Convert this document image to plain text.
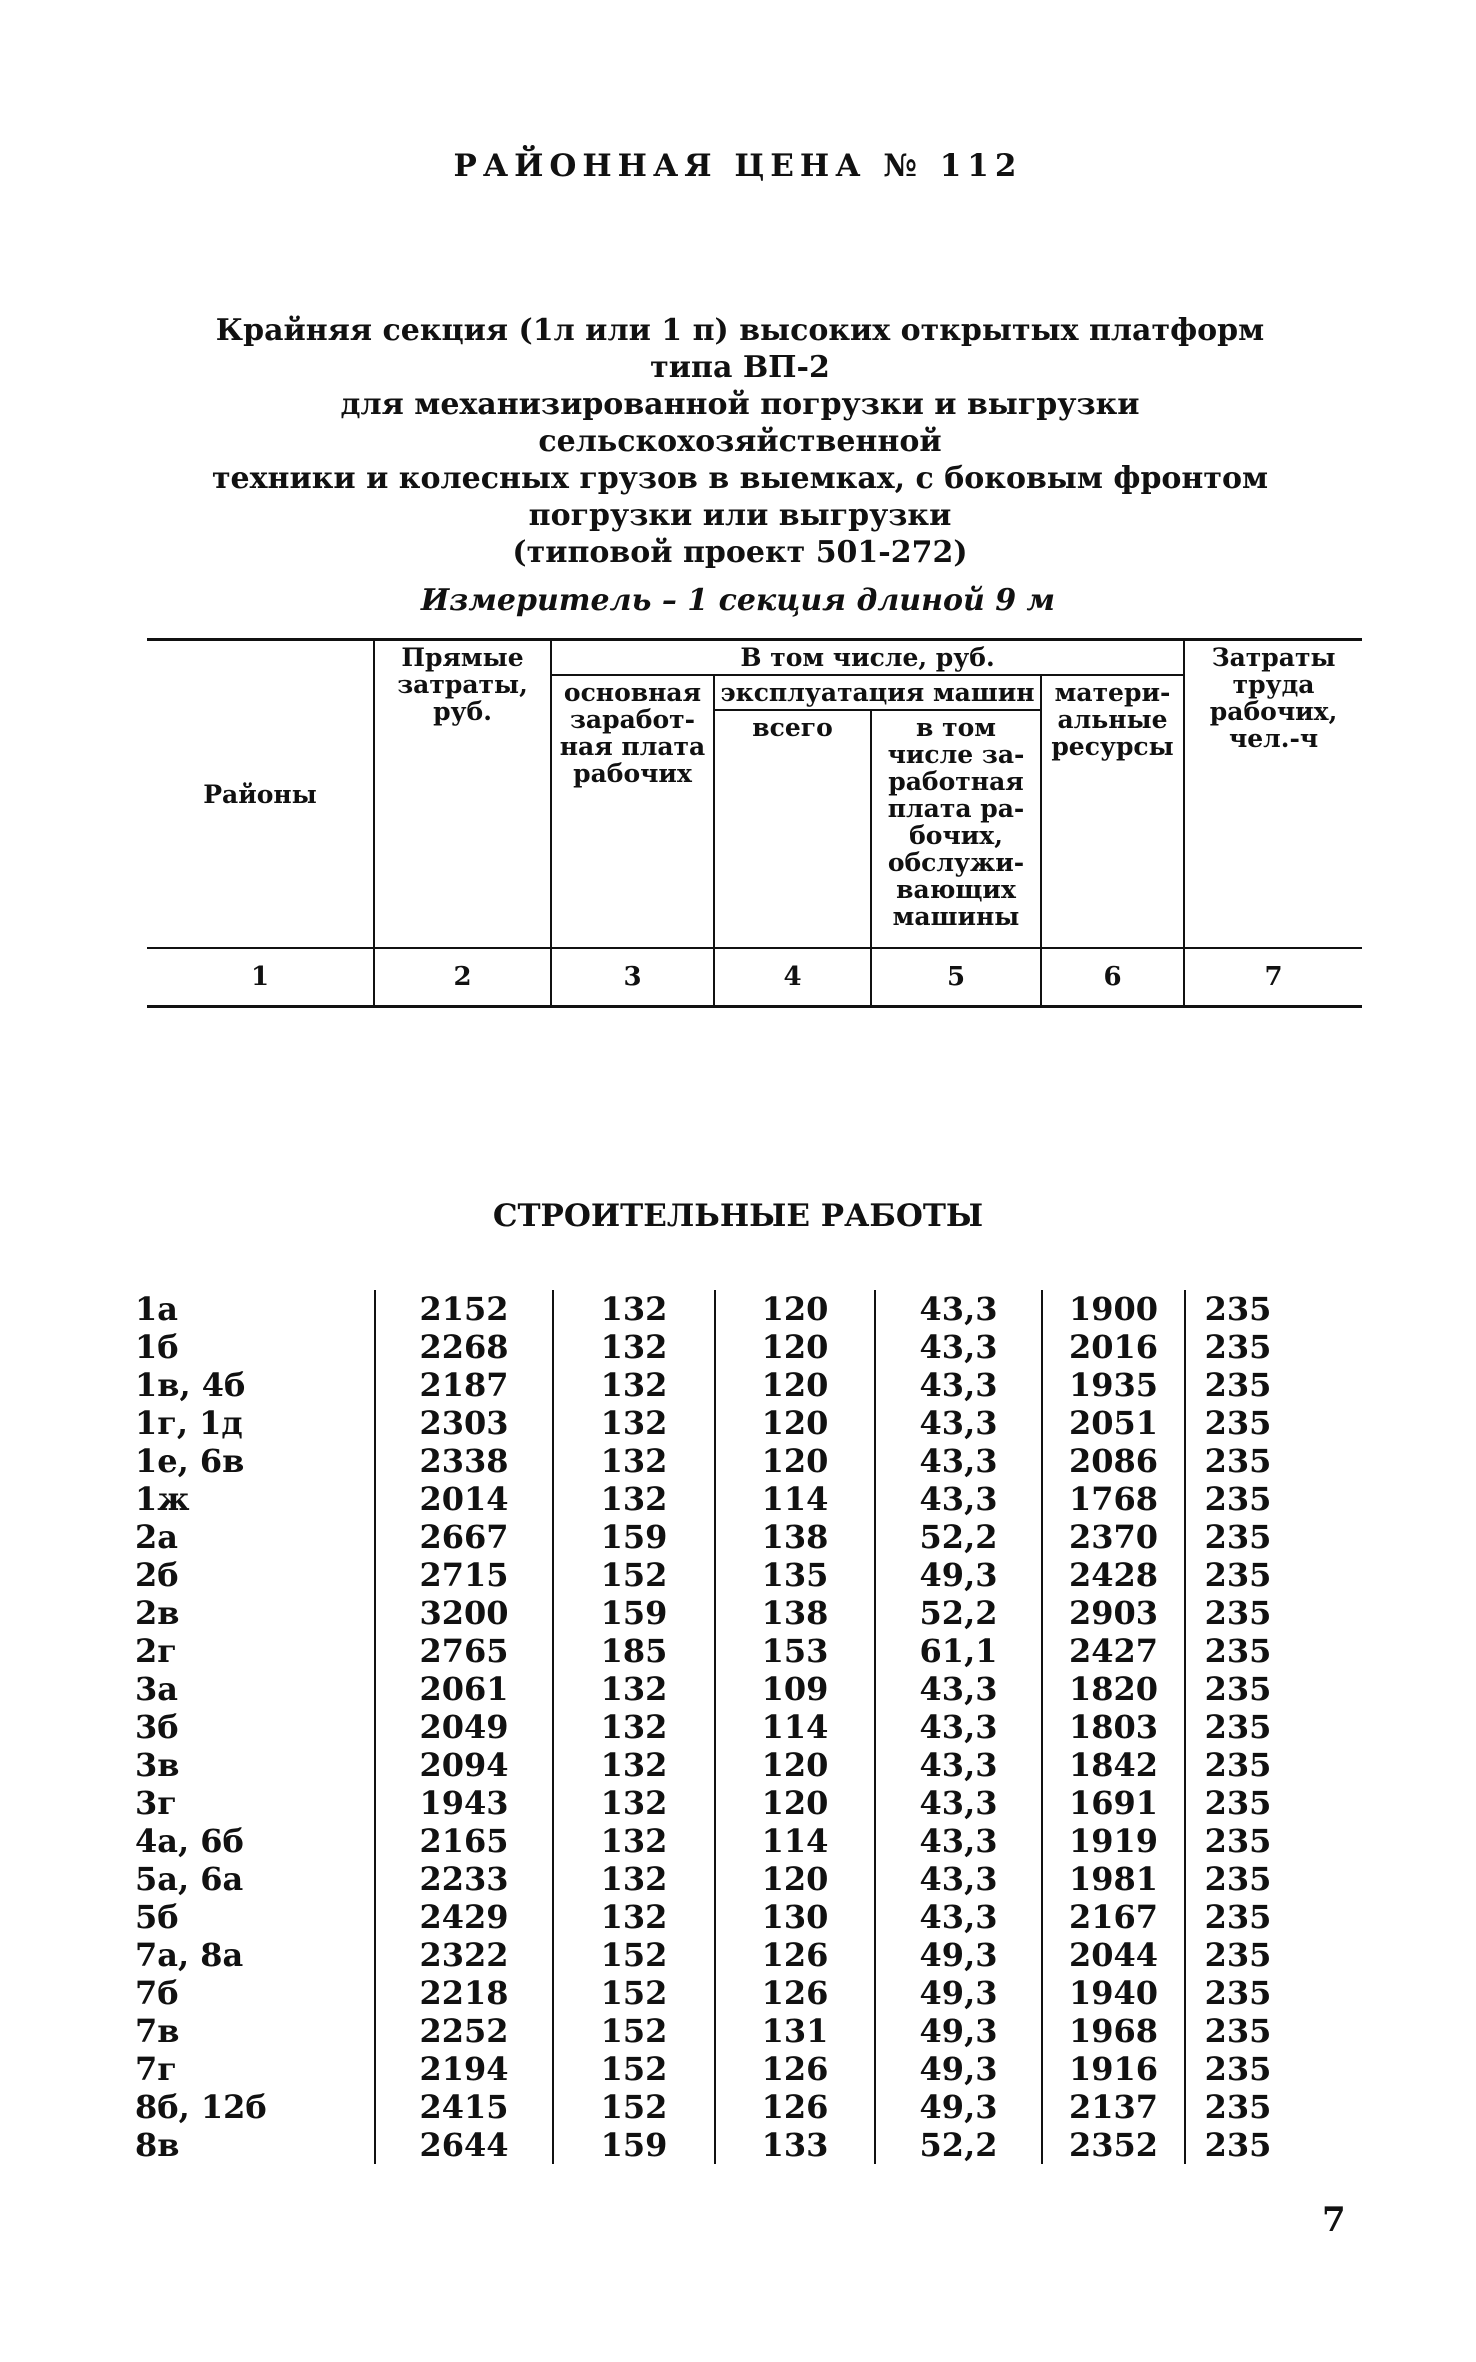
РАЙОННАЯ ЦЕНА № 112
Крайняя секция (1л или 1 п) высоких открытых платформ типа ВП-2
для механизированной погрузки и выгрузки сельскохозяйственной
техники и колесных грузов в выемках, с боковым фронтом
погрузки или выгрузки
(типовой проект 501-272)
Измеритель – 1 секция длиной 9 м
Районы	Прямые затраты, руб.	В том числе, руб.				Затраты труда рабочих, чел.-ч
		основная заработ-ная плата рабочих	эксплуатация машин		матери-альные ресурсы	
			всего	в том числе за-работная плата ра-бочих, обслужи-вающих машины		
1	2	3	4	5	6	7
СТРОИТЕЛЬНЫЕ РАБОТЫ
1а	2152	132	120	43,3	1900	235
1б	2268	132	120	43,3	2016	235
1в, 4б	2187	132	120	43,3	1935	235
1г, 1д	2303	132	120	43,3	2051	235
1е, 6в	2338	132	120	43,3	2086	235
1ж	2014	132	114	43,3	1768	235
2а	2667	159	138	52,2	2370	235
2б	2715	152	135	49,3	2428	235
2в	3200	159	138	52,2	2903	235
2г	2765	185	153	61,1	2427	235
3а	2061	132	109	43,3	1820	235
3б	2049	132	114	43,3	1803	235
3в	2094	132	120	43,3	1842	235
3г	1943	132	120	43,3	1691	235
4а, 6б	2165	132	114	43,3	1919	235
5а, 6а	2233	132	120	43,3	1981	235
5б	2429	132	130	43,3	2167	235
7а, 8а	2322	152	126	49,3	2044	235
7б	2218	152	126	49,3	1940	235
7в	2252	152	131	49,3	1968	235
7г	2194	152	126	49,3	1916	235
8б, 12б	2415	152	126	49,3	2137	235
8в	2644	159	133	52,2	2352	235
7
